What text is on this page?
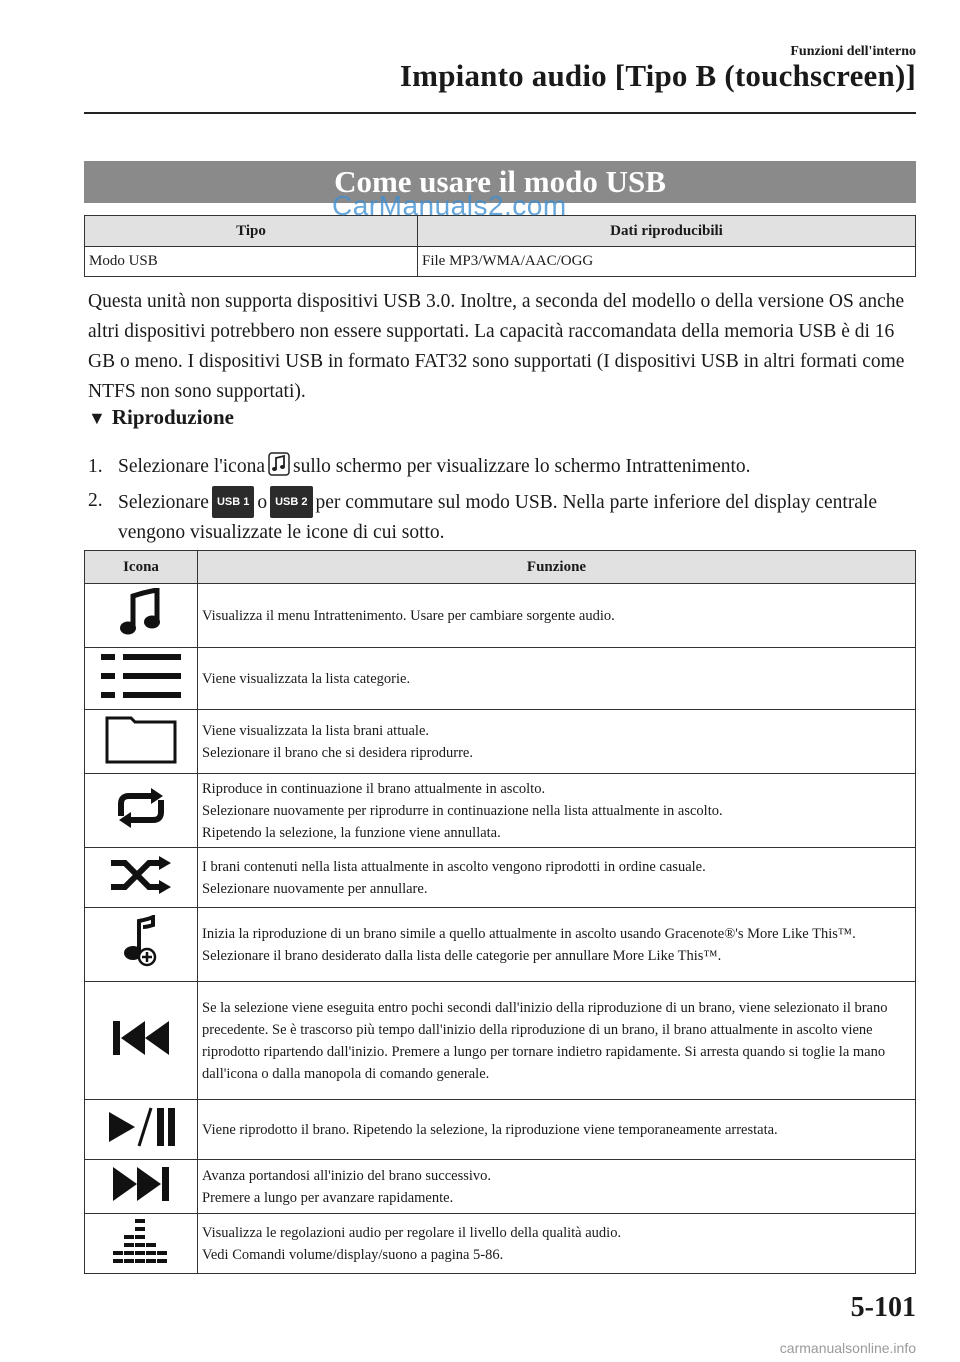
Funzioni dell'interno
Impianto audio [Tipo B (touchscreen)]
Come usare il modo USB
Tipo	Dati riproducibili
Modo USB	File MP3/WMA/AAC/OGG
CarManuals2.com
Questa unità non supporta dispositivi USB 3.0. Inoltre, a seconda del modello o della versione OS anche altri dispositivi potrebbero non essere supportati. La capacità raccomandata della memoria USB è di 16 GB o meno. I dispositivi USB in formato FAT32 sono supportati (I dispositivi USB in altri formati come NTFS non sono supportati).
▼ Riproduzione
1. Selezionare l'icona sullo schermo per visualizzare lo schermo Intrattenimento.
2. Selezionare USB 1 o USB 2 per commutare sul modo USB. Nella parte inferiore del display centrale vengono visualizzate le icone di cui sotto.
Icona	Funzione

Visualizza il menu Intrattenimento. Usare per cambiare sorgente audio.

Viene visualizzata la lista categorie.

Viene visualizzata la lista brani attuale.
Selezionare il brano che si desidera riprodurre.

Riproduce in continuazione il brano attualmente in ascolto.
Selezionare nuovamente per riprodurre in continuazione nella lista attualmente in ascolto.
Ripetendo la selezione, la funzione viene annullata.

I brani contenuti nella lista attualmente in ascolto vengono riprodotti in ordine casuale.
Selezionare nuovamente per annullare.

Inizia la riproduzione di un brano simile a quello attualmente in ascolto usando Gracenote®'s More Like This™. Selezionare il brano desiderato dalla lista delle categorie per annullare More Like This™.

Se la selezione viene eseguita entro pochi secondi dall'inizio della riproduzione di un brano, viene selezionato il brano precedente. Se è trascorso più tempo dall'inizio della riproduzione di un brano, il brano attualmente in ascolto viene riprodotto ripartendo dall'inizio. Premere a lungo per tornare indietro rapidamente. Si arresta quando si toglie la mano dall'icona o dalla manopola di comando generale.

Viene riprodotto il brano. Ripetendo la selezione, la riproduzione viene temporaneamente arrestata.

Avanza portandosi all'inizio del brano successivo.
Premere a lungo per avanzare rapidamente.

Visualizza le regolazioni audio per regolare il livello della qualità audio.
Vedi Comandi volume/display/suono a pagina 5-86.
5-101
carmanualsonline.info
